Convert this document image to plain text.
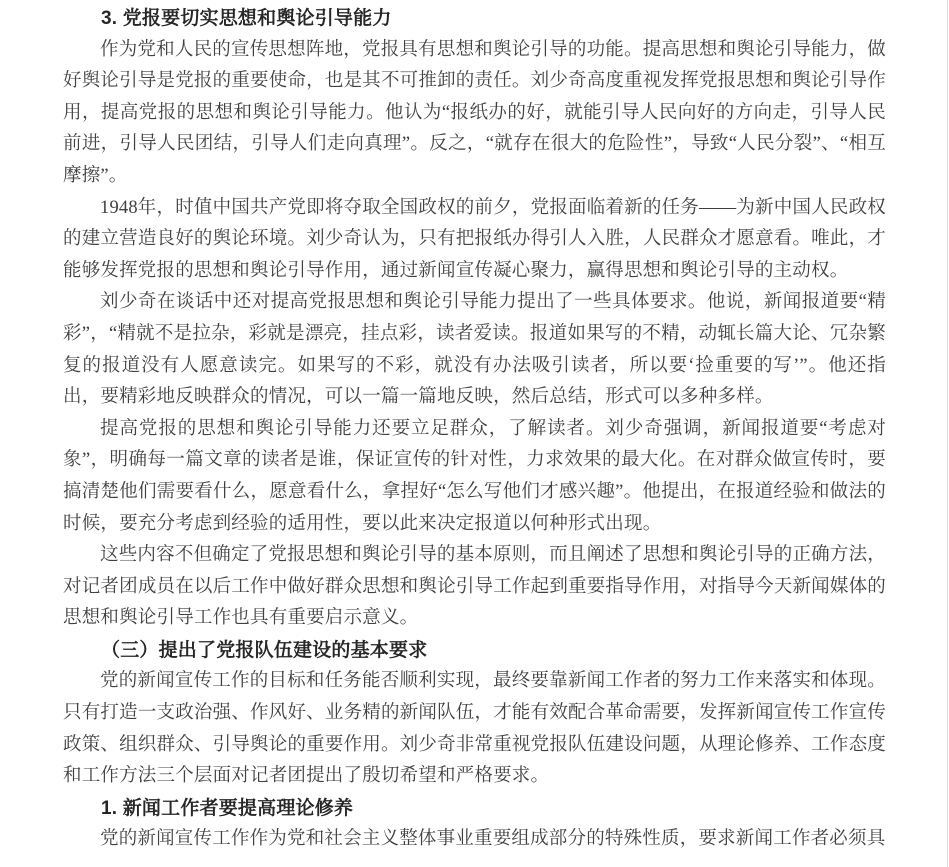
3. 党报要切实思想和舆论引导能力

作为党和人民的宣传思想阵地，党报具有思想和舆论引导的功能。提高思想和舆论引导能力，做好舆论引导是党报的重要使命，也是其不可推卸的责任。刘少奇高度重视发挥党报思想和舆论引导作用，提高党报的思想和舆论引导能力。他认为“报纸办的好，就能引导人民向好的方向走，引导人民前进，引导人民团结，引导人们走向真理”。反之，“就存在很大的危险性”，导致“人民分裂”、“相互摩擦”。

1948年，时值中国共产党即将夺取全国政权的前夕，党报面临着新的任务——为新中国人民政权的建立营造良好的舆论环境。刘少奇认为，只有把报纸办得引人入胜，人民群众才愿意看。唯此，才能够发挥党报的思想和舆论引导作用，通过新闻宣传凝心聚力，赢得思想和舆论引导的主动权。

刘少奇在谈话中还对提高党报思想和舆论引导能力提出了一些具体要求。他说，新闻报道要“精彩”，“精就不是拉杂，彩就是漂亮，挂点彩，读者爱读。报道如果写的不精，动辄长篇大论、冗杂繁复的报道没有人愿意读完。如果写的不彩，就没有办法吸引读者，所以要‘捡重要的写’”。他还指出，要精彩地反映群众的情况，可以一篇一篇地反映，然后总结，形式可以多种多样。

提高党报的思想和舆论引导能力还要立足群众，了解读者。刘少奇强调，新闻报道要“考虑对象”，明确每一篇文章的读者是谁，保证宣传的针对性，力求效果的最大化。在对群众做宣传时，要搞清楚他们需要看什么，愿意看什么，拿捏好“怎么写他们才感兴趣”。他提出，在报道经验和做法的时候，要充分考虑到经验的适用性，要以此来决定报道以何种形式出现。

这些内容不但确定了党报思想和舆论引导的基本原则，而且阐述了思想和舆论引导的正确方法，对记者团成员在以后工作中做好群众思想和舆论引导工作起到重要指导作用，对指导今天新闻媒体的思想和舆论引导工作也具有重要启示意义。

（三）提出了党报队伍建设的基本要求

党的新闻宣传工作的目标和任务能否顺利实现，最终要靠新闻工作者的努力工作来落实和体现。只有打造一支政治强、作风好、业务精的新闻队伍，才能有效配合革命需要，发挥新闻宣传工作宣传政策、组织群众、引导舆论的重要作用。刘少奇非常重视党报队伍建设问题，从理论修养、工作态度和工作方法三个层面对记者团提出了殷切希望和严格要求。

1. 新闻工作者要提高理论修养

党的新闻宣传工作作为党和社会主义整体事业重要组成部分的特殊性质，要求新闻工作者必须具
